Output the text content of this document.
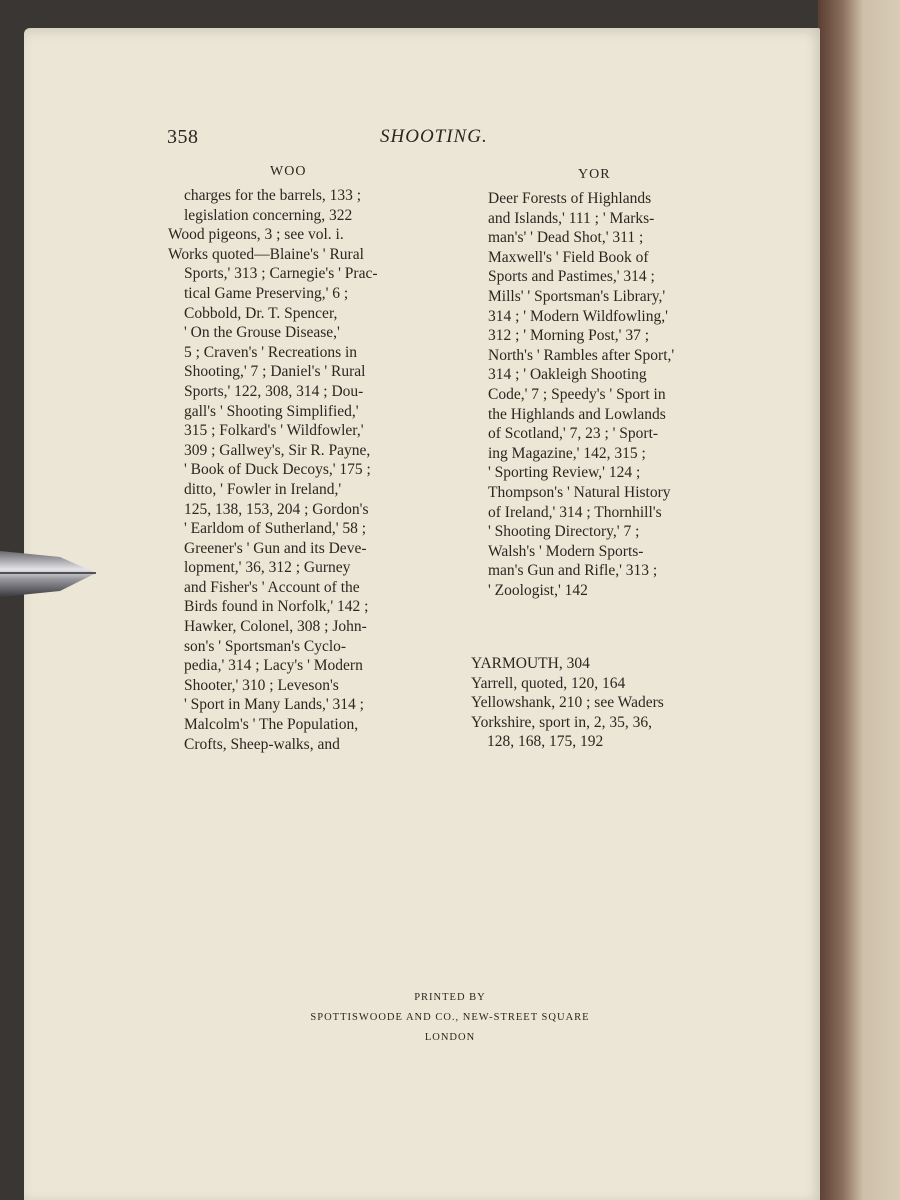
358	SHOOTING.
WOO	YOR
charges for the barrels, 133 ;
legislation concerning, 322
Wood pigeons, 3 ; see vol. i.
Works quoted—Blaine's ' Rural
Sports,' 313 ; Carnegie's ' Prac-
tical Game Preserving,' 6 ;
Cobbold, Dr. T. Spencer,
' On the Grouse Disease,'
5 ; Craven's ' Recreations in
Shooting,' 7 ; Daniel's ' Rural
Sports,' 122, 308, 314 ; Dou-
gall's ' Shooting Simplified,'
315 ; Folkard's ' Wildfowler,'
309 ; Gallwey's, Sir R. Payne,
' Book of Duck Decoys,' 175 ;
ditto, ' Fowler in Ireland,'
125, 138, 153, 204 ; Gordon's
' Earldom of Sutherland,' 58 ;
Greener's ' Gun and its Deve-
lopment,' 36, 312 ; Gurney
and Fisher's ' Account of the
Birds found in Norfolk,' 142 ;
Hawker, Colonel, 308 ; John-
son's ' Sportsman's Cyclo-
pedia,' 314 ; Lacy's ' Modern
Shooter,' 310 ; Leveson's
' Sport in Many Lands,' 314 ;
Malcolm's ' The Population,
Crofts, Sheep-walks, and
Deer Forests of Highlands
and Islands,' 111 ; ' Marks-
man's' ' Dead Shot,' 311 ;
Maxwell's ' Field Book of
Sports and Pastimes,' 314 ;
Mills' ' Sportsman's Library,'
314 ; ' Modern Wildfowling,'
312 ; ' Morning Post,' 37 ;
North's ' Rambles after Sport,'
314 ; ' Oakleigh Shooting
Code,' 7 ; Speedy's ' Sport in
the Highlands and Lowlands
of Scotland,' 7, 23 ; ' Sport-
ing Magazine,' 142, 315 ;
' Sporting Review,' 124 ;
Thompson's ' Natural History
of Ireland,' 314 ; Thornhill's
' Shooting Directory,' 7 ;
Walsh's ' Modern Sports-
man's Gun and Rifle,' 313 ;
' Zoologist,' 142
YARMOUTH, 304
Yarrell, quoted, 120, 164
Yellowshank, 210 ; see Waders
Yorkshire, sport in, 2, 35, 36,
128, 168, 175, 192
PRINTED BY
SPOTTISWOODE AND CO., NEW-STREET SQUARE
LONDON
